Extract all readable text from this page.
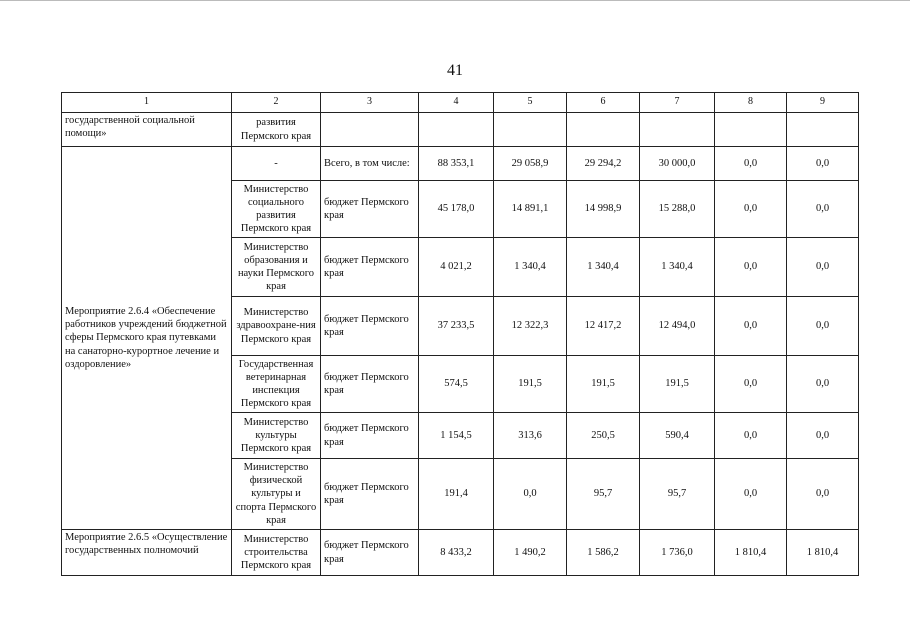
41
1	2	3	4	5	6	7	8	9
государственной социальной помощи»	развития Пермского края							
Мероприятие 2.6.4 «Обеспечение работников учреждений бюджетной сферы Пермского края путевками на санаторно-курортное лечение и оздоровление»	-	Всего, в том числе:	88 353,1	29 058,9	29 294,2	30 000,0	0,0	0,0
	Министерство социального развития Пермского края	бюджет Пермского края	45 178,0	14 891,1	14 998,9	15 288,0	0,0	0,0
	Министерство образования и науки Пермского края	бюджет Пермского края	4 021,2	1 340,4	1 340,4	1 340,4	0,0	0,0
	Министерство здравоохране-ния Пермского края	бюджет Пермского края	37 233,5	12 322,3	12 417,2	12 494,0	0,0	0,0
	Государственная ветеринарная инспекция Пермского края	бюджет Пермского края	574,5	191,5	191,5	191,5	0,0	0,0
	Министерство культуры Пермского края	бюджет Пермского края	1 154,5	313,6	250,5	590,4	0,0	0,0
	Министерство физической культуры и спорта Пермского края	бюджет Пермского края	191,4	0,0	95,7	95,7	0,0	0,0
Мероприятие 2.6.5 «Осуществление государственных полномочий	Министерство строительства Пермского края	бюджет Пермского края	8 433,2	1 490,2	1 586,2	1 736,0	1 810,4	1 810,4
